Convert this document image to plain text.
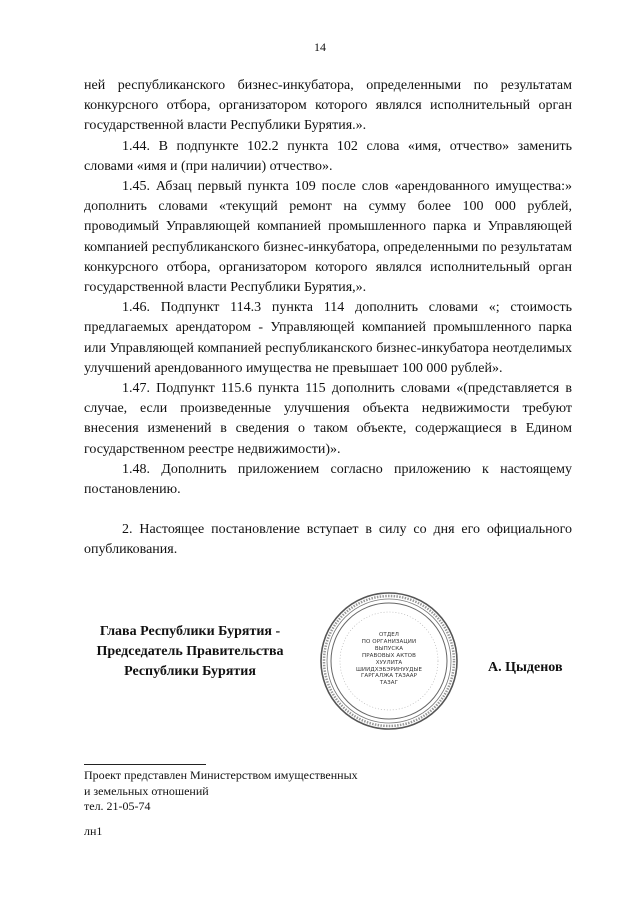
14

ней республиканского бизнес-инкубатора, определенными по результатам конкурсного отбора, организатором которого являлся исполнительный орган государственной власти Республики Бурятия.».

1.44. В подпункте 102.2 пункта 102 слова «имя, отчество» заменить словами «имя и (при наличии) отчество».

1.45. Абзац первый пункта 109 после слов «арендованного имущества:» дополнить словами «текущий ремонт на сумму более 100 000 рублей, проводимый Управляющей компанией промышленного парка и Управляющей компанией республиканского бизнес-инкубатора, определенными по результатам конкурсного отбора, организатором которого являлся исполнительный орган государственной власти Республики Бурятия,».

1.46. Подпункт 114.3 пункта 114 дополнить словами «; стоимость предлагаемых арендатором - Управляющей компанией промышленного парка или Управляющей компанией республиканского бизнес-инкубатора неотделимых улучшений арендованного имущества не превышает 100 000 рублей».

1.47. Подпункт 115.6 пункта 115 дополнить словами «(представляется в случае, если произведенные улучшения объекта недвижимости требуют внесения изменений в сведения о таком объекте, содержащиеся в Едином государственном реестре недвижимости)».

1.48. Дополнить приложением согласно приложению к настоящему постановлению.

2. Настоящее постановление вступает в силу со дня его официального опубликования.

Глава Республики Бурятия -
Председатель Правительства
Республики Бурятия
ОТДЕЛ
ПО ОРГАНИЗАЦИИ
ВЫПУСКА
ПРАВОВЫХ АКТОВ
ХУУЛИТА
ШИИДХЭБЭРИНУУДЫЕ
ГАРГАЛЖА ТАЗААР
ТАЗАГ
А. Цыденов
Проект представлен Министерством имущественных
и земельных отношений
тел. 21-05-74
лн1
